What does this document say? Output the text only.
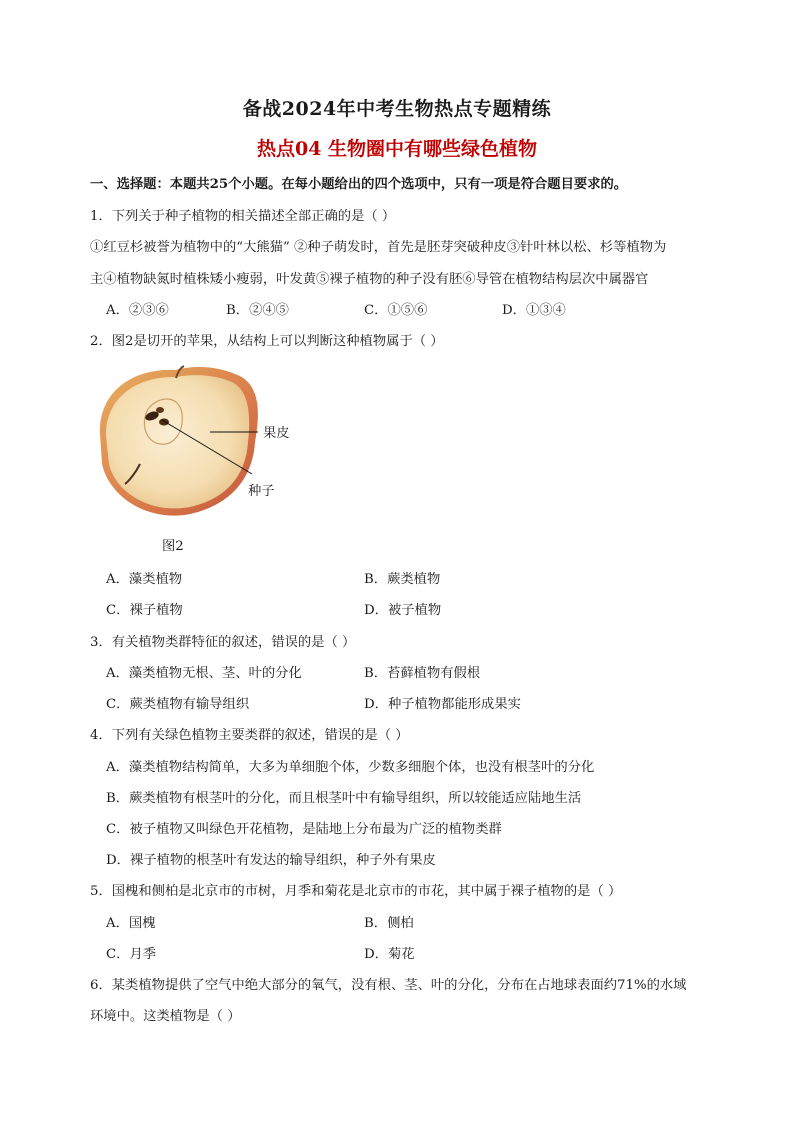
备战2024年中考生物热点专题精练
热点04 生物圈中有哪些绿色植物
一、选择题：本题共25个小题。在每小题给出的四个选项中，只有一项是符合题目要求的。
1．下列关于种子植物的相关描述全部正确的是（ ）
①红豆杉被誉为植物中的“大熊猫” ②种子萌发时，首先是胚芽突破种皮③针叶林以松、杉等植物为
主④植物缺氮时植株矮小瘦弱，叶发黄⑤裸子植物的种子没有胚⑥导管在植物结构层次中属器官
A．②③⑥	B．②④⑤	C．①⑤⑥	D．①③④
2．图2是切开的苹果，从结构上可以判断这种植物属于（ ）
果皮
种子
图2
A．藻类植物	B．蕨类植物
C．裸子植物	D．被子植物
3．有关植物类群特征的叙述，错误的是（ ）
A．藻类植物无根、茎、叶的分化	B．苔藓植物有假根
C．蕨类植物有输导组织	D．种子植物都能形成果实
4．下列有关绿色植物主要类群的叙述，错误的是（ ）
A．藻类植物结构简单，大多为单细胞个体，少数多细胞个体，也没有根茎叶的分化
B．蕨类植物有根茎叶的分化，而且根茎叶中有输导组织，所以较能适应陆地生活
C．被子植物又叫绿色开花植物，是陆地上分布最为广泛的植物类群
D．裸子植物的根茎叶有发达的输导组织，种子外有果皮
5．国槐和侧柏是北京市的市树，月季和菊花是北京市的市花，其中属于裸子植物的是（ ）
A．国槐	B．侧柏
C．月季	D．菊花
6．某类植物提供了空气中绝大部分的氧气，没有根、茎、叶的分化，分布在占地球表面约71%的水域
环境中。这类植物是（ ）
